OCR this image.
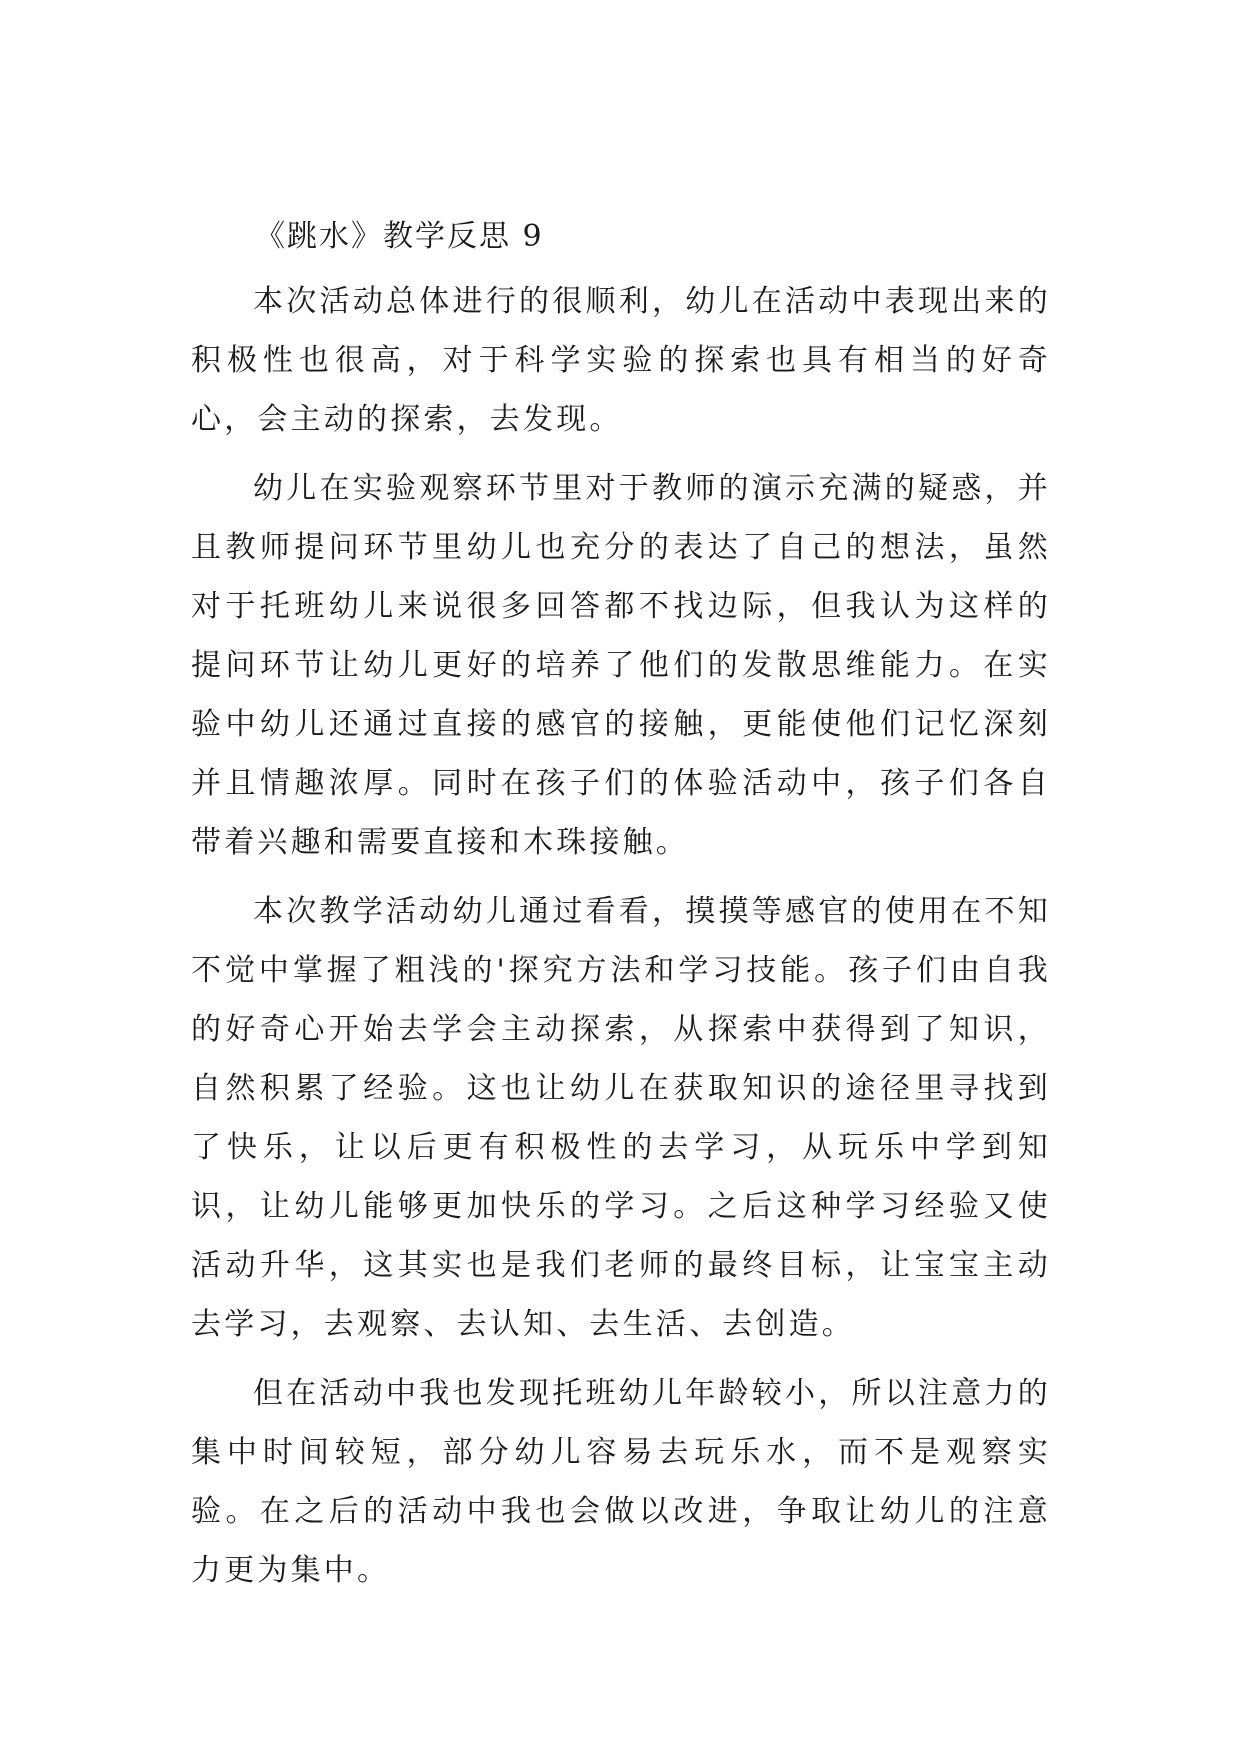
《跳水》教学反思 9

本次活动总体进行的很顺利，幼儿在活动中表现出来的积极性也很高，对于科学实验的探索也具有相当的好奇心，会主动的探索，去发现。

幼儿在实验观察环节里对于教师的演示充满的疑惑，并且教师提问环节里幼儿也充分的表达了自己的想法，虽然对于托班幼儿来说很多回答都不找边际，但我认为这样的提问环节让幼儿更好的培养了他们的发散思维能力。在实验中幼儿还通过直接的感官的接触，更能使他们记忆深刻并且情趣浓厚。同时在孩子们的体验活动中，孩子们各自带着兴趣和需要直接和木珠接触。

本次教学活动幼儿通过看看，摸摸等感官的使用在不知不觉中掌握了粗浅的'探究方法和学习技能。孩子们由自我的好奇心开始去学会主动探索，从探索中获得到了知识，自然积累了经验。这也让幼儿在获取知识的途径里寻找到了快乐，让以后更有积极性的去学习，从玩乐中学到知识，让幼儿能够更加快乐的学习。之后这种学习经验又使活动升华，这其实也是我们老师的最终目标，让宝宝主动去学习，去观察、去认知、去生活、去创造。

但在活动中我也发现托班幼儿年龄较小，所以注意力的集中时间较短，部分幼儿容易去玩乐水，而不是观察实验。在之后的活动中我也会做以改进，争取让幼儿的注意力更为集中。
